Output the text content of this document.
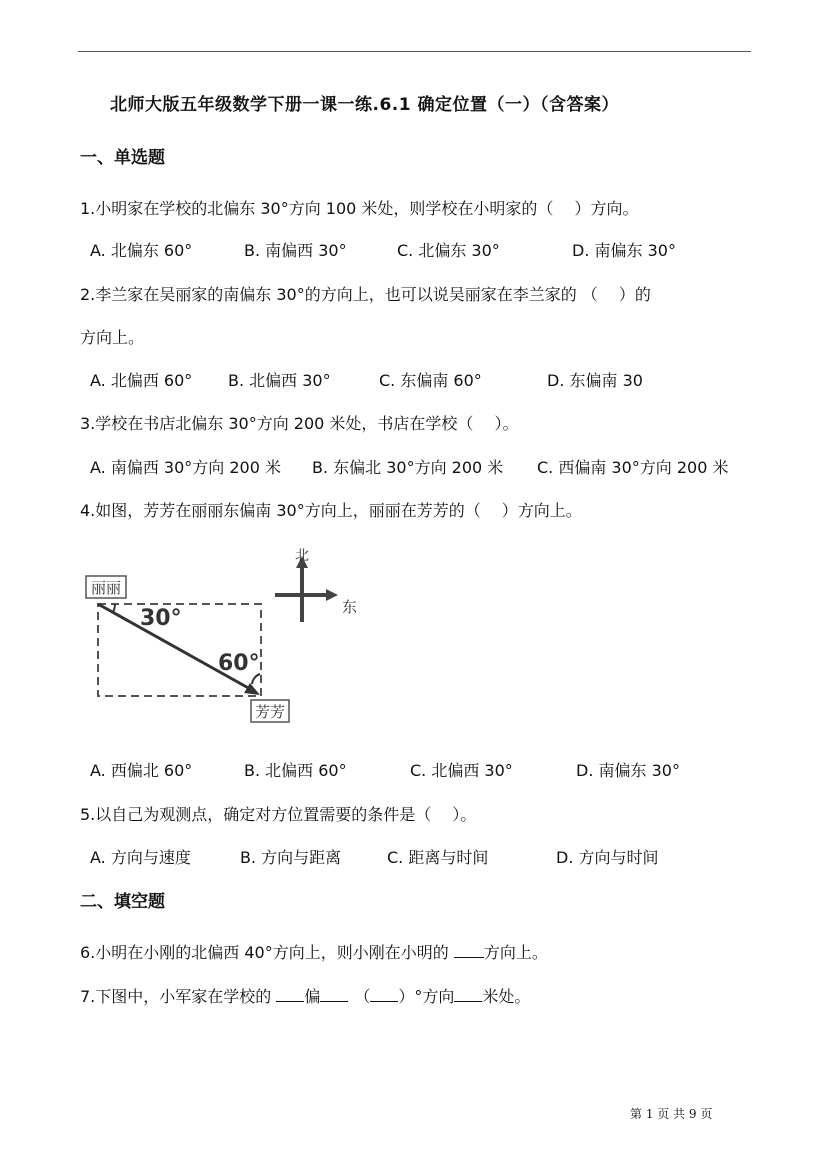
北师大版五年级数学下册一课一练.6.1 确定位置（一）（含答案）
一、单选题
1.小明家在学校的北偏东 30°方向 100 米处，则学校在小明家的（　 ）方向。
A. 北偏东 60°	B. 南偏西 30°	C. 北偏东 30°	D. 南偏东 30°
2.李兰家在吴丽家的南偏东 30°的方向上，也可以说吴丽家在李兰家的 （　 ）的
方向上。
A. 北偏西 60° B. 北偏西 30°	C. 东偏南 60°	D. 东偏南 30
3.学校在书店北偏东 30°方向 200 米处，书店在学校（　 ）。
A. 南偏西 30°方向 200 米 B. 东偏北 30°方向 200 米 C. 西偏南 30°方向 200 米
4.如图，芳芳在丽丽东偏南 30°方向上，丽丽在芳芳的（　 ）方向上。
北
东
30°
60°
丽丽
芳芳
A. 西偏北 60°	B. 北偏西 60°	C. 北偏西 30°	D. 南偏东 30°
5.以自己为观测点，确定对方位置需要的条件是（　 ）。
A. 方向与速度	B. 方向与距离	C. 距离与时间	D. 方向与时间
二、填空题
6.小明在小刚的北偏西 40°方向上，则小刚在小明的 方向上。
7.下图中，小军家在学校的 偏 （ ）°方向 米处。
第 1 页 共 9 页
